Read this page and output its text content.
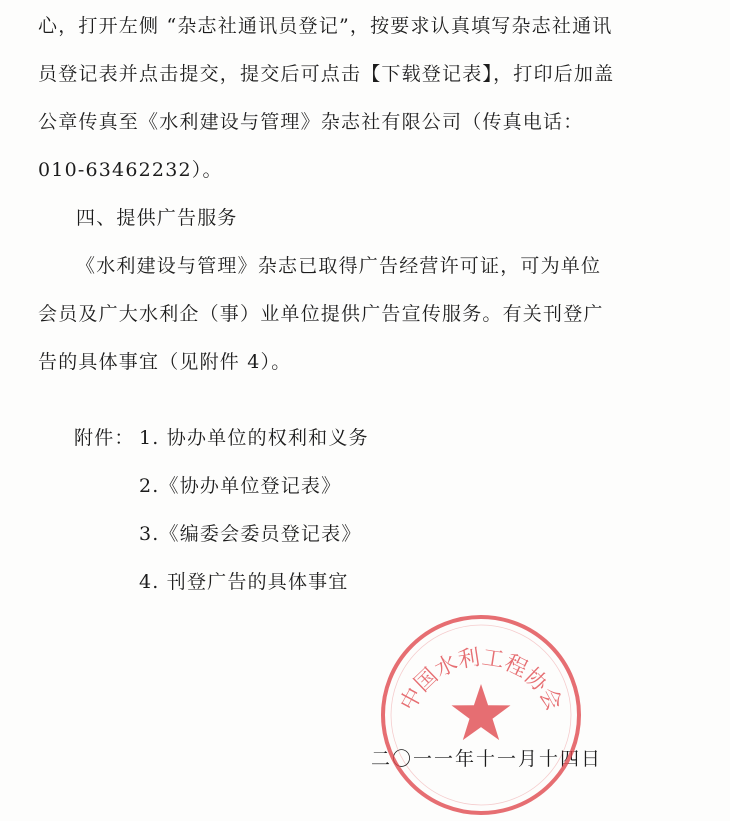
心，打开左侧 “杂志社通讯员登记”，按要求认真填写杂志社通讯
员登记表并点击提交，提交后可点击【下载登记表】，打印后加盖
公章传真至《水利建设与管理》杂志社有限公司（传真电话：
010-63462232）。
四、提供广告服务
《水利建设与管理》杂志已取得广告经营许可证，可为单位
会员及广大水利企（事）业单位提供广告宣传服务。有关刊登广
告的具体事宜（见附件 4）。
附件： 1. 协办单位的权利和义务
2.《协办单位登记表》
3.《编委会委员登记表》
4. 刊登广告的具体事宜
二〇一一年十一月十四日
中国水利工程协会
